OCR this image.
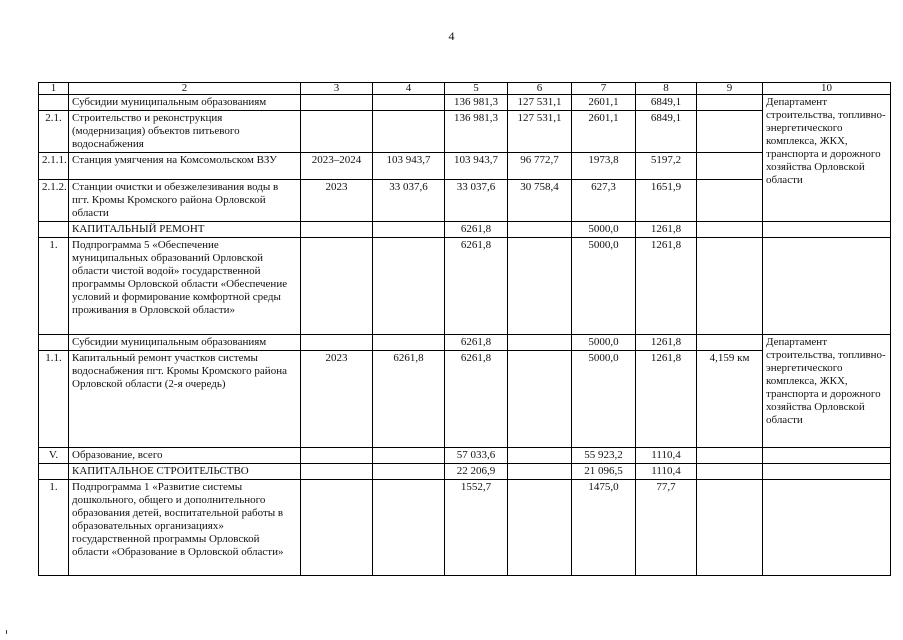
4
1	2	3	4	5	6	7	8	9	10
	Субсидии муниципальным образованиям			136 981,3	127 531,1	2601,1	6849,1		Департамент строительства, топливно-энергетического комплекса, ЖКХ, транспорта и дорожного хозяйства Орловской области
2.1.	Строительство и реконструкция (модернизация) объектов питьевого водоснабжения			136 981,3	127 531,1	2601,1	6849,1		
2.1.1.	Станция умягчения на Комсомольском ВЗУ	2023–2024	103 943,7	103 943,7	96 772,7	1973,8	5197,2		
2.1.2.	Станции очистки и обезжелезивания воды в пгт. Кромы Кромского района Орловской области	2023	33 037,6	33 037,6	30 758,4	627,3	1651,9		
	КАПИТАЛЬНЫЙ РЕМОНТ			6261,8		5000,0	1261,8		
1.	Подпрограмма 5 «Обеспечение муниципальных образований Орловской области чистой водой» государственной программы Орловской области «Обеспечение условий и формирование комфортной среды проживания в Орловской области»			6261,8		5000,0	1261,8		
	Субсидии муниципальным образованиям			6261,8		5000,0	1261,8		Департамент строительства, топливно-энергетического комплекса, ЖКХ, транспорта и дорожного хозяйства Орловской области
1.1.	Капитальный ремонт участков системы водоснабжения пгт. Кромы Кромского района Орловской области (2-я очередь)	2023	6261,8	6261,8		5000,0	1261,8	4,159 км	
V.	Образование, всего			57 033,6		55 923,2	1110,4		
	КАПИТАЛЬНОЕ СТРОИТЕЛЬСТВО			22 206,9		21 096,5	1110,4		
1.	Подпрограмма 1 «Развитие системы дошкольного, общего и дополнительного образования детей, воспитательной работы в образовательных организациях» государственной программы Орловской области «Образование в Орловской области»			1552,7		1475,0	77,7		
